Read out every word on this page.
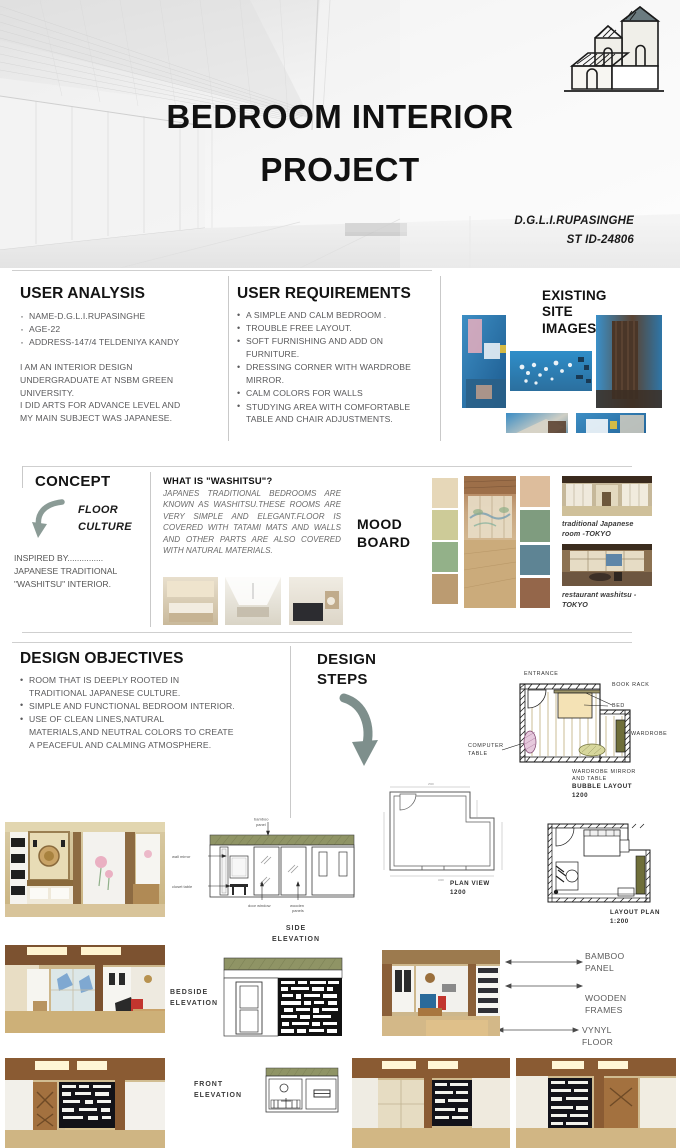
BEDROOM INTERIOR
PROJECT
D.G.L.I.RUPASINGHE
ST ID-24806
USER ANALYSIS
· NAME-D.G.L.I.RUPASINGHE
· AGE-22
· ADDRESS-147/4 TELDENIYA KANDY
I AM AN INTERIOR DESIGN
UNDERGRADUATE AT NSBM GREEN
UNIVERSITY.
I DID ARTS FOR ADVANCE LEVEL AND
MY MAIN SUBJECT WAS JAPANESE.
USER REQUIREMENTS
• A SIMPLE AND CALM BEDROOM .
• TROUBLE FREE LAYOUT.
• SOFT FURNISHING AND ADD ON FURNITURE.
• DRESSING CORNER WITH WARDROBE MIRROR.
• CALM COLORS FOR WALLS
• STUDYING AREA WITH COMFORTABLE TABLE AND CHAIR ADJUSTMENTS.
EXISTING
SITE
IMAGES
CONCEPT
FLOOR
CULTURE
INSPIRED BY...............
JAPANESE TRADITIONAL
"WASHITSU" INTERIOR.
WHAT IS "WASHITSU"?
JAPANES TRADITIONAL BEDROOMS ARE KNOWN AS WASHITSU.THESE ROOMS ARE VERY SIMPLE AND ELEGANT.FLOOR IS COVERED WITH TATAMI MATS AND WALLS AND OTHER PARTS ARE ALSO COVERED WITH NATURAL MATERIALS.
MOOD
BOARD
traditional Japanese
room -TOKYO
restaurant washitsu -
TOKYO
DESIGN OBJECTIVES
• ROOM THAT IS DEEPLY ROOTED IN TRADITIONAL JAPANESE CULTURE.
• SIMPLE AND FUNCTIONAL BEDROOM INTERIOR.
• USE OF CLEAN LINES,NATURAL MATERIALS,AND NEUTRAL COLORS TO CREATE A PEACEFUL AND CALMING ATMOSPHERE.
DESIGN
STEPS	ENTRANCE
BOOK RACK
BED
WARDROBE
COMPUTER
TABLE
WARDROBE MIRROR
AND TABLE
BUBBLE LAYOUT
1200
2500
3200 PLAN VIEW
1200
LAYOUT PLAN
1:200
bamboo
panel
wall mirror
closet table
door window	wooden
panels
SIDE
ELEVATION
BEDSIDE
ELEVATION
FRONT
ELEVATION
BAMBOO
PANEL
WOODEN
FRAMES
VYNYL FLOOR
